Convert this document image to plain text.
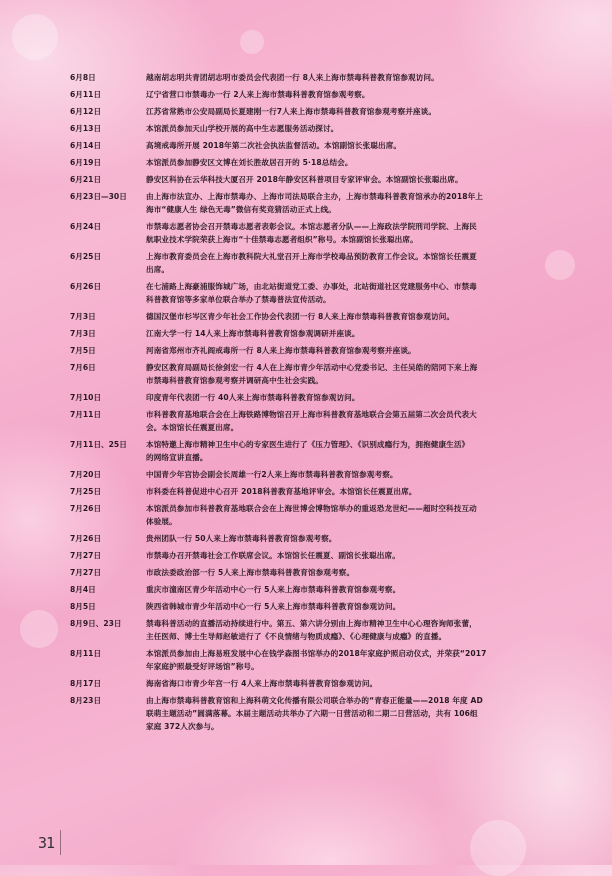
6月8日	越南胡志明共青团胡志明市委员会代表团一行 8人来上海市禁毒科普教育馆参观访问。
6月11日	辽宁省营口市禁毒办一行 2人来上海市禁毒科普教育馆参观考察。
6月12日	江苏省常熟市公安局副局长夏建刚一行7人来上海市禁毒科普教育馆参观考察并座谈。
6月13日	本馆派员参加天山学校开展的高中生志愿服务活动探讨。
6月14日	高境戒毒所开展 2018年第二次社会执法监督活动。本馆副馆长张聪出席。
6月19日	本馆派员参加静安区文博在刘长胜故居召开的 5·18总结会。
6月21日	静安区科协在云华科技大厦召开 2018年静安区科普项目专家评审会。本馆副馆长张聪出席。
6月23日—30日	由上海市法宣办、上海市禁毒办、上海市司法局联合主办，上海市禁毒科普教育馆承办的2018年上
海市“健康人生 绿色无毒”微信有奖竞猜活动正式上线。
6月24日	市禁毒志愿者协会召开禁毒志愿者表彰会议。本馆志愿者分队——上海政法学院刑司学院、上海民
航职业技术学院荣获上海市“十佳禁毒志愿者组织”称号。本馆副馆长张聪出席。
6月25日	上海市教育委员会在上海市教科院大礼堂召开上海市学校毒品预防教育工作会议。本馆馆长任震夏
出席。
6月26日	在七浦路上海豪浦服饰城广场，由北站街道党工委、办事处，北站街道社区党建服务中心、市禁毒
科普教育馆等多家单位联合举办了禁毒普法宣传活动。
7月3日	德国汉堡市杉岑区青少年社会工作协会代表团一行 8人来上海市禁毒科普教育馆参观访问。
7月3日	江南大学一行 14人来上海市禁毒科普教育馆参观调研并座谈。
7月5日	河南省郑州市齐礼阎戒毒所一行 8人来上海市禁毒科普教育馆参观考察并座谈。
7月6日	静安区教育局副局长徐剑宏一行 4人在上海市青少年活动中心党委书记、主任吴皓的陪同下来上海
市禁毒科普教育馆参观考察并调研高中生社会实践。
7月10日	印度青年代表团一行 40人来上海市禁毒科普教育馆参观访问。
7月11日	市科普教育基地联合会在上海铁路博物馆召开上海市科普教育基地联合会第五届第二次会员代表大
会。本馆馆长任震夏出席。
7月11日、25日	本馆特邀上海市精神卫生中心的专家医生进行了《压力管理》、《识别成瘾行为，拥抱健康生活》
的网络宣讲直播。
7月20日	中国青少年宫协会副会长周雄一行2人来上海市禁毒科普教育馆参观考察。
7月25日	市科委在科普促进中心召开 2018科普教育基地评审会。本馆馆长任震夏出席。
7月26日	本馆派员参加市科普教育基地联合会在上海世博会博物馆举办的重返恐龙世纪——超时空科技互动
体验展。
7月26日	贵州团队一行 50人来上海市禁毒科普教育馆参观考察。
7月27日	市禁毒办召开禁毒社会工作联席会议。本馆馆长任震夏、副馆长张聪出席。
7月27日	市政法委政治部一行 5人来上海市禁毒科普教育馆参观考察。
8月4日	重庆市潼南区青少年活动中心一行 5人来上海市禁毒科普教育馆参观考察。
8月5日	陕西省韩城市青少年活动中心一行 5人来上海市禁毒科普教育馆参观访问。
8月9日、23日	禁毒科普活动的直播活动持续进行中。第五、第六讲分别由上海市精神卫生中心心理咨询师张蕾，
主任医师、博士生导师赵敏进行了《不良情绪与物质成瘾》、《心理健康与成瘾》的直播。
8月11日	本馆派员参加由上海易班发展中心在钱学森图书馆举办的2018年家庭护照启动仪式，并荣获“2017
年家庭护照最受好评场馆”称号。
8月17日	海南省海口市青少年宫一行 4人来上海市禁毒科普教育馆参观访问。
8月23日	由上海市禁毒科普教育馆和上海科萌文化传播有限公司联合举办的“青春正能量——2018 年度 AD
联萌主题活动”圆满落幕。本届主题活动共举办了六期一日营活动和二期二日营活动，共有 106组
家庭 372人次参与。
31
